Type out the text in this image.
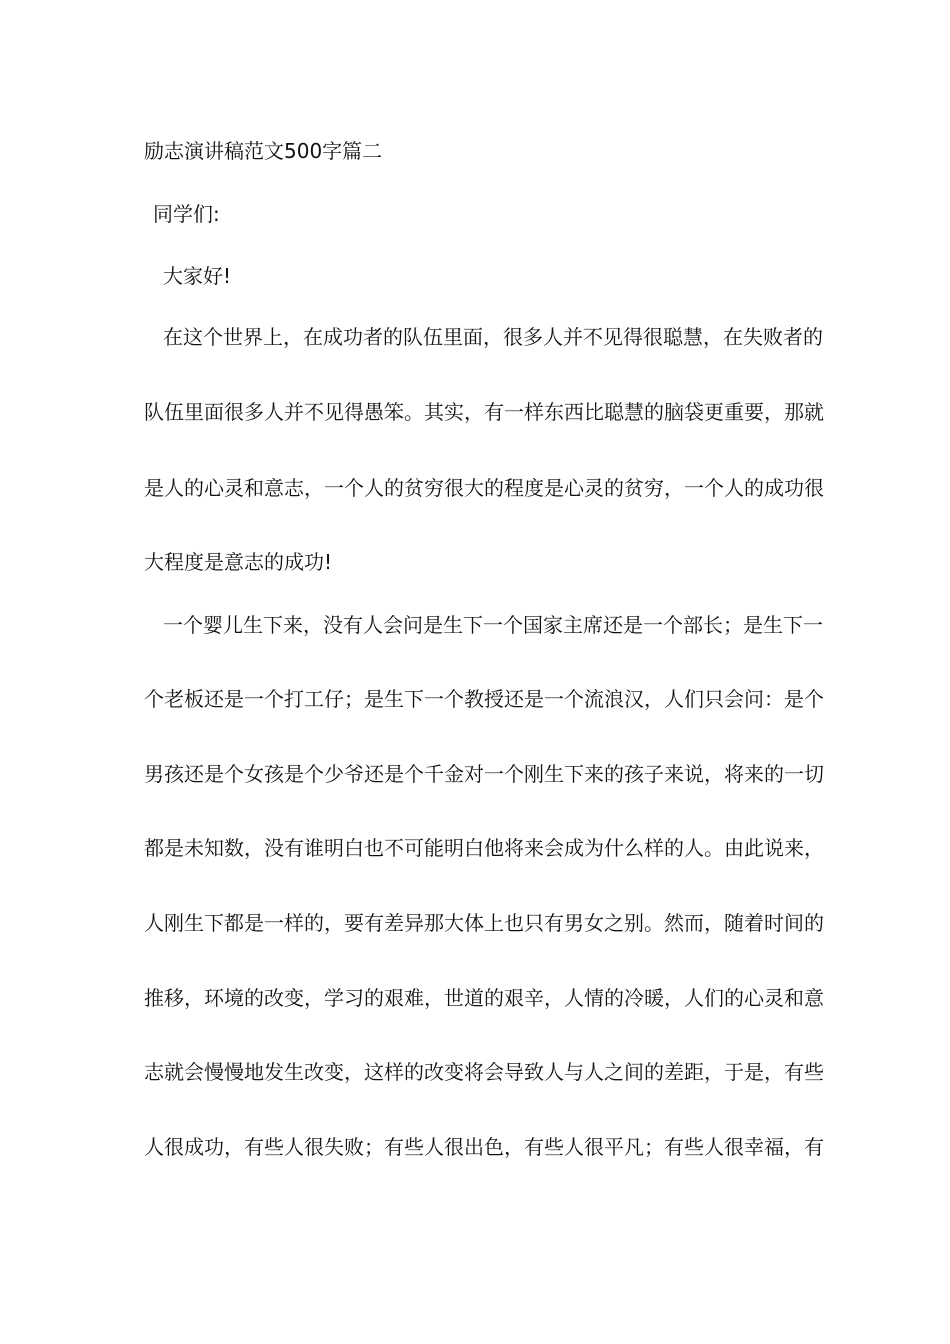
励志演讲稿范文500字篇二
同学们:
大家好!
在这个世界上，在成功者的队伍里面，很多人并不见得很聪慧，在失败者的
队伍里面很多人并不见得愚笨。其实，有一样东西比聪慧的脑袋更重要，那就
是人的心灵和意志，一个人的贫穷很大的程度是心灵的贫穷，一个人的成功很
大程度是意志的成功!
一个婴儿生下来，没有人会问是生下一个国家主席还是一个部长；是生下一
个老板还是一个打工仔；是生下一个教授还是一个流浪汉，人们只会问：是个
男孩还是个女孩是个少爷还是个千金对一个刚生下来的孩子来说，将来的一切
都是未知数，没有谁明白也不可能明白他将来会成为什么样的人。由此说来，
人刚生下都是一样的，要有差异那大体上也只有男女之别。然而，随着时间的
推移，环境的改变，学习的艰难，世道的艰辛，人情的冷暖，人们的心灵和意
志就会慢慢地发生改变，这样的改变将会导致人与人之间的差距，于是，有些
人很成功，有些人很失败；有些人很出色，有些人很平凡；有些人很幸福，有
